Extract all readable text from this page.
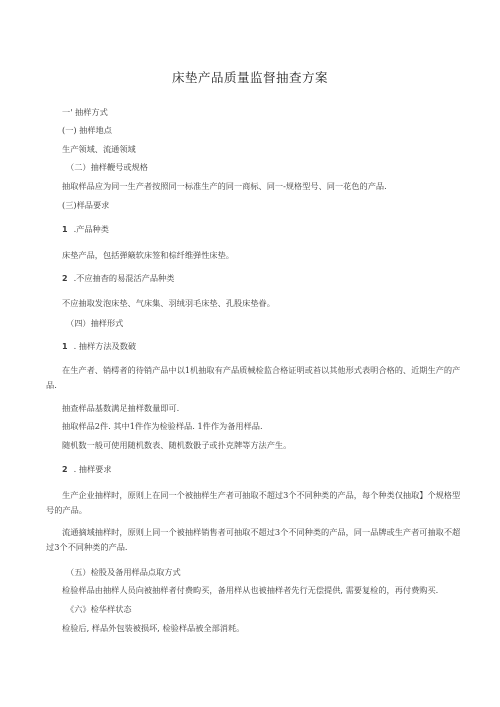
床垫产品质量监督抽查方案
一' 抽样方式
(一) 抽样地点
生产领域、流通领域
（二）抽样鞭号或规格
抽取样品应为同一生产者按照同一标准生产的同一商标、同一-规格型号、同一花色的产品.
(三)样品要求
1 .产品种类
床垫产品，包括弹簸软床签和棕纤维弹性床垫。
2 .不应抽杳的易混活产品种类
不应抽取发泡床垫、气床集、羽绒羽毛床垫、孔股床垫眷。
（四）抽样形式
1 . 抽样方法及数破
在生产者、销樗者的待销产品中以1机抽取有产品质械检监合格证明或苔以其他形式表明合格的、近期生产的产品.
抽查样品基数满足抽样数量即可.
抽取样品2件. 其中1件作为检验样品. 1件作为备用样品.
随机数一般可使用随机数表、随机数骰子或扑克牌等方法产生。
2 . 抽样要求
生产企业抽样时，原则上在同一个被抽样生产者可抽取不超过3个不同种类的产品，每个种类仅抽取】个规格型号的产品。
流通摘域抽样时，原则上同一个被抽样销售者可抽取不超过3个不同种类的产品，同一品牌或生产者可抽取不超过3个不同种类的产品.
（五）检股及备用样品点取方式
检验样品由抽样人员向被抽样者付费畇买，备用样从也被抽样者先行无偿提供, 需要复检的，再付费购买.
《六》检华样状态
检验后, 样品外包装被损坏, 检验样品被全部消耗。
